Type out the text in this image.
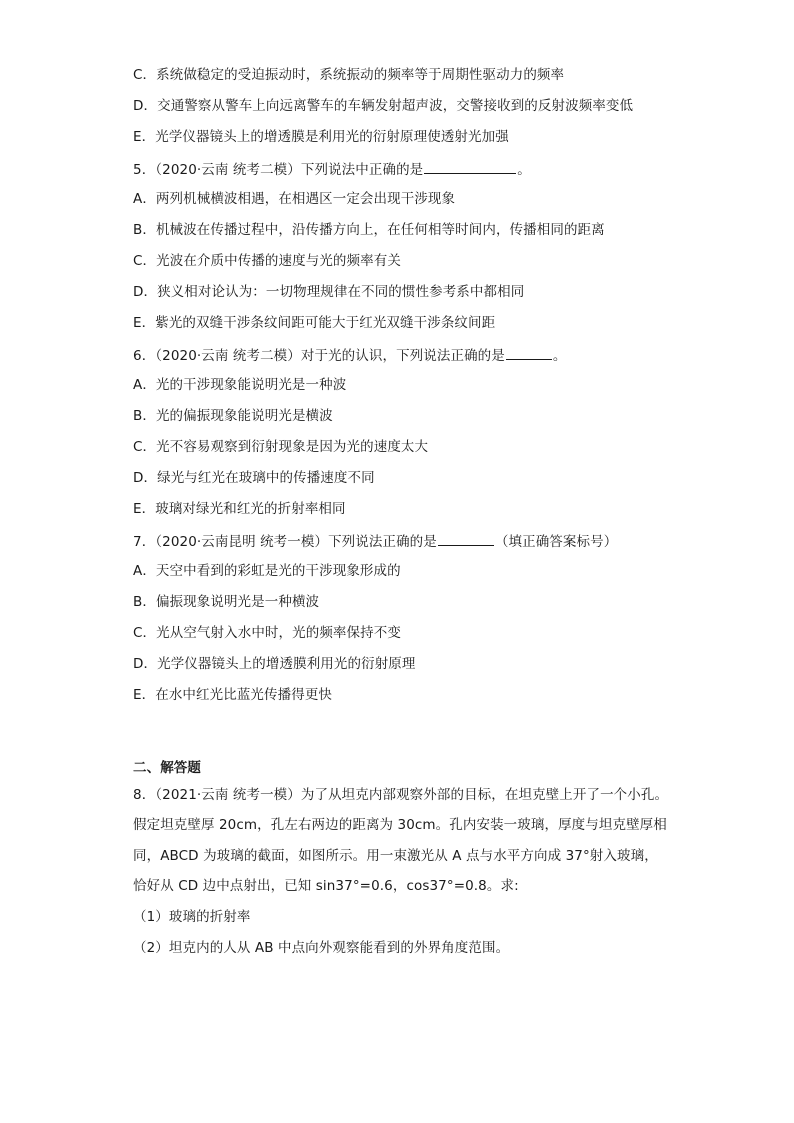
C．系统做稳定的受迫振动时，系统振动的频率等于周期性驱动力的频率
D．交通警察从警车上向远离警车的车辆发射超声波，交警接收到的反射波频率变低
E．光学仪器镜头上的增透膜是利用光的衍射原理使透射光加强
5．（2020·云南 统考二模）下列说法中正确的是	。
A．两列机械横波相遇，在相遇区一定会出现干涉现象
B．机械波在传播过程中，沿传播方向上，在任何相等时间内，传播相同的距离
C．光波在介质中传播的速度与光的频率有关
D．狭义相对论认为：一切物理规律在不同的惯性参考系中都相同
E．紫光的双缝干涉条纹间距可能大于红光双缝干涉条纹间距
6．（2020·云南 统考二模）对于光的认识，下列说法正确的是	。
A．光的干涉现象能说明光是一种波
B．光的偏振现象能说明光是横波
C．光不容易观察到衍射现象是因为光的速度太大
D．绿光与红光在玻璃中的传播速度不同
E．玻璃对绿光和红光的折射率相同
7．（2020·云南昆明 统考一模）下列说法正确的是	（填正确答案标号）
A．天空中看到的彩虹是光的干涉现象形成的
B．偏振现象说明光是一种横波
C．光从空气射入水中时，光的频率保持不变
D．光学仪器镜头上的增透膜利用光的衍射原理
E．在水中红光比蓝光传播得更快
二、解答题
8．（2021·云南 统考一模）为了从坦克内部观察外部的目标，在坦克壁上开了一个小孔。
假定坦克壁厚 20cm，孔左右两边的距离为 30cm。孔内安装一玻璃，厚度与坦克壁厚相
同，ABCD 为玻璃的截面，如图所示。用一束激光从 A 点与水平方向成 37°射入玻璃，
恰好从 CD 边中点射出，已知 sin37°=0.6，cos37°=0.8。求:
（1）玻璃的折射率
（2）坦克内的人从 AB 中点向外观察能看到的外界角度范围。
